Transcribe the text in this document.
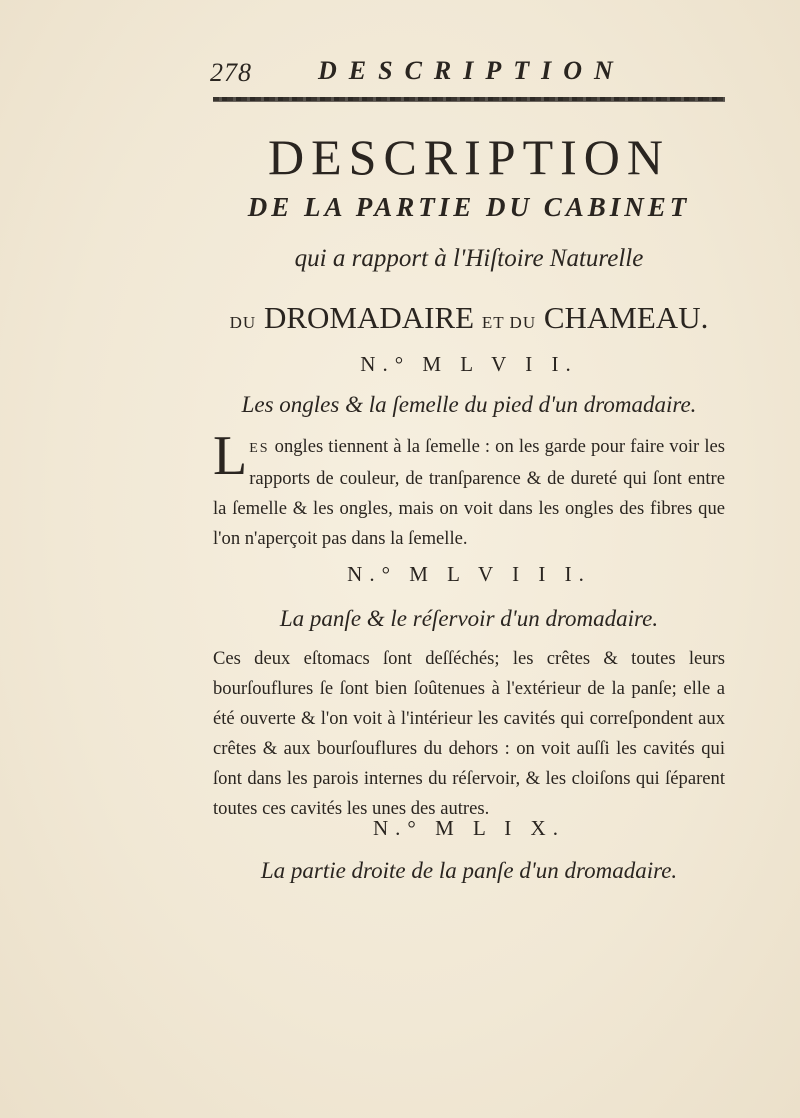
278	DESCRIPTION
DESCRIPTION
DE LA PARTIE DU CABINET
qui a rapport à l'Hiſtoire Naturelle
DU DROMADAIRE ET DU CHAMEAU.
N.° M L V I I.
Les ongles & la ſemelle du pied d'un dromadaire.
LES ongles tiennent à la ſemelle : on les garde pour faire voir les rapports de couleur, de tranſparence & de dureté qui ſont entre la ſemelle & les ongles, mais on voit dans les ongles des fibres que l'on n'aperçoit pas dans la ſemelle.
N.° M L V I I I.
La panſe & le réſervoir d'un dromadaire.
Ces deux eſtomacs ſont deſſéchés; les crêtes & toutes leurs bourſouflures ſe ſont bien ſoûtenues à l'extérieur de la panſe; elle a été ouverte & l'on voit à l'intérieur les cavités qui correſpondent aux crêtes & aux bourſouflures du dehors : on voit auſſi les cavités qui ſont dans les parois internes du réſervoir, & les cloiſons qui ſéparent toutes ces cavités les unes des autres.
N.° M L I X.
La partie droite de la panſe d'un dromadaire.
